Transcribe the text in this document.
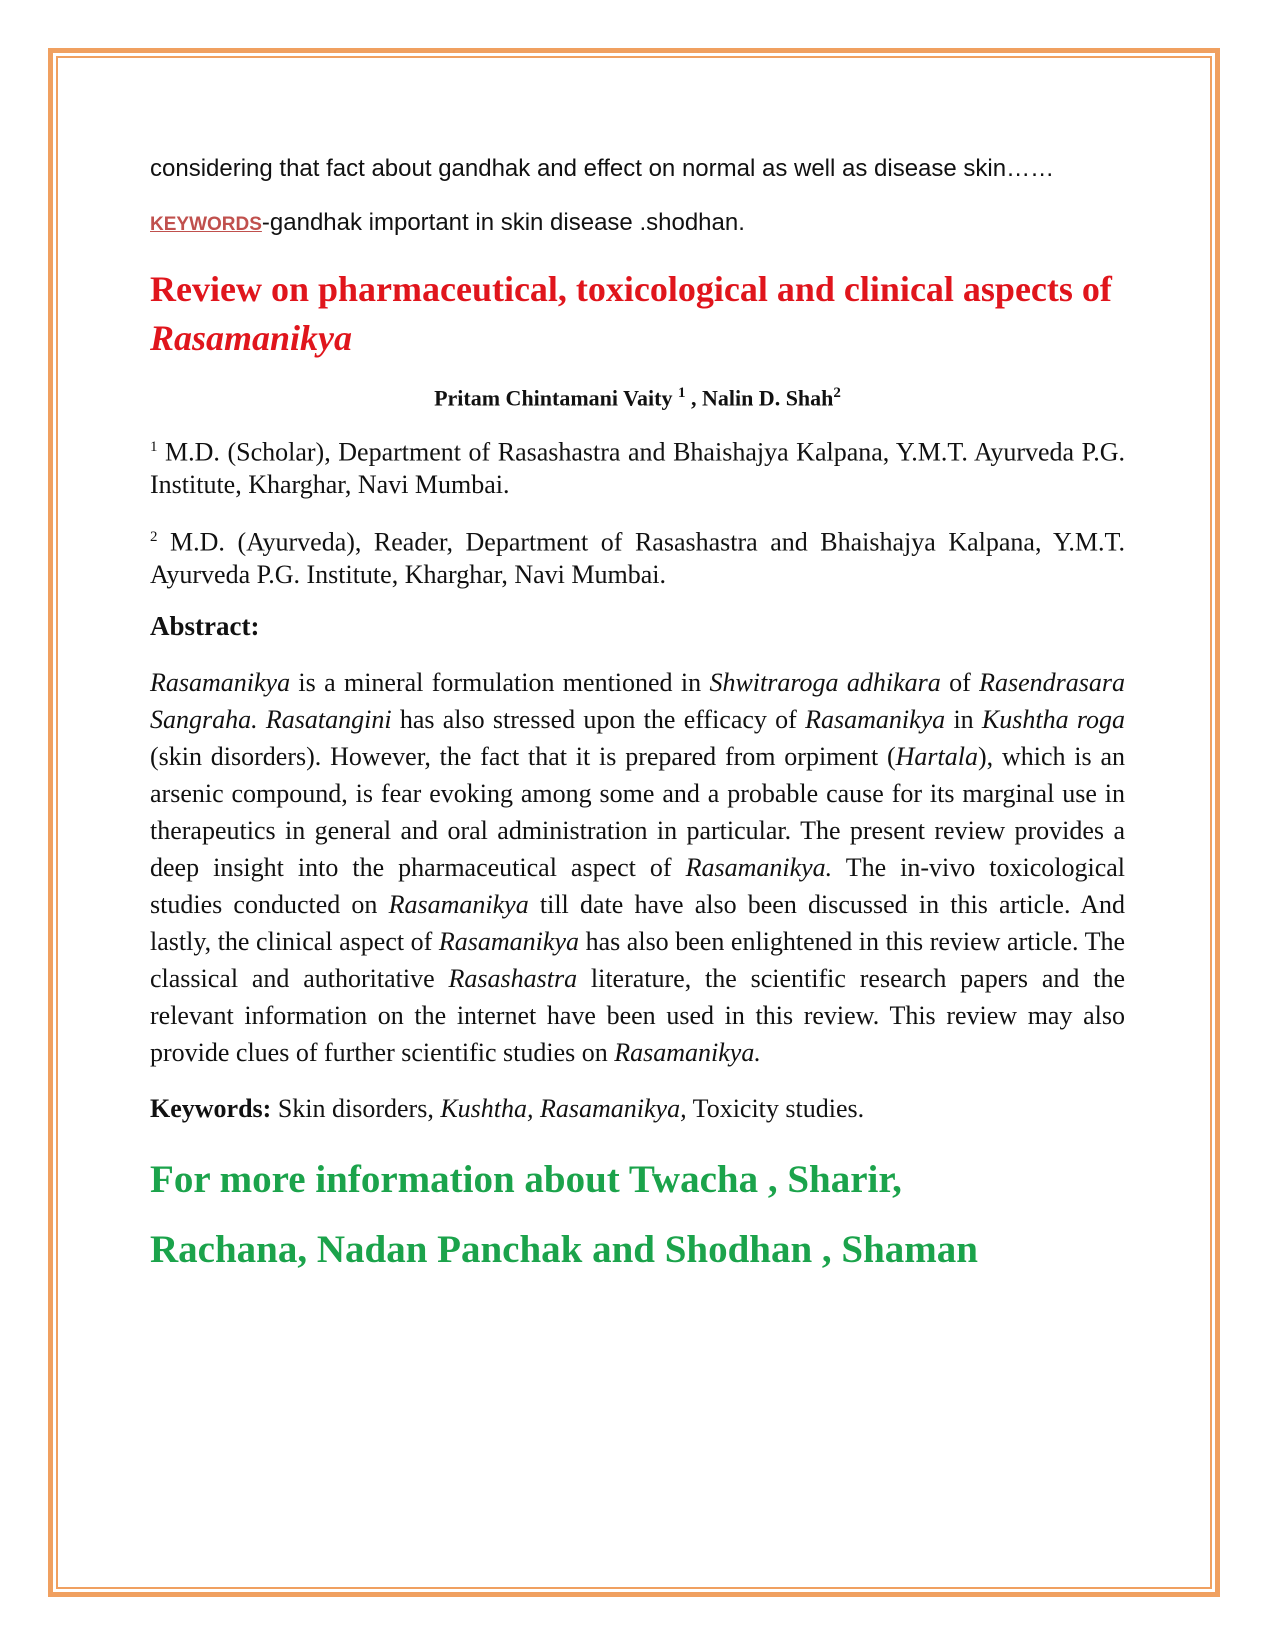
considering that fact about gandhak and effect on normal as well as disease skin……

KEYWORDS-gandhak important in skin disease .shodhan.

Review on pharmaceutical, toxicological and clinical aspects of Rasamanikya

Pritam Chintamani Vaity $^1$ , Nalin D. Shah$^2$

$^1$ M.D. (Scholar), Department of Rasashastra and Bhaishajya Kalpana, Y.M.T. Ayurveda P.G. Institute, Kharghar, Navi Mumbai.

$^2$ M.D. (Ayurveda), Reader, Department of Rasashastra and Bhaishajya Kalpana, Y.M.T. Ayurveda P.G. Institute, Kharghar, Navi Mumbai.

Abstract:

Rasamanikya is a mineral formulation mentioned in Shwitraroga adhikara of Rasendrasara Sangraha. Rasatangini has also stressed upon the efficacy of Rasamanikya in Kushtha roga (skin disorders). However, the fact that it is prepared from orpiment (Hartala), which is an arsenic compound, is fear evoking among some and a probable cause for its marginal use in therapeutics in general and oral administration in particular. The present review provides a deep insight into the pharmaceutical aspect of Rasamanikya. The in-vivo toxicological studies conducted on Rasamanikya till date have also been discussed in this article. And lastly, the clinical aspect of Rasamanikya has also been enlightened in this review article. The classical and authoritative Rasashastra literature, the scientific research papers and the relevant information on the internet have been used in this review. This review may also provide clues of further scientific studies on Rasamanikya.

Keywords: Skin disorders, Kushtha, Rasamanikya, Toxicity studies.

For more information about Twacha , Sharir,
Rachana, Nadan Panchak and Shodhan , Shaman
